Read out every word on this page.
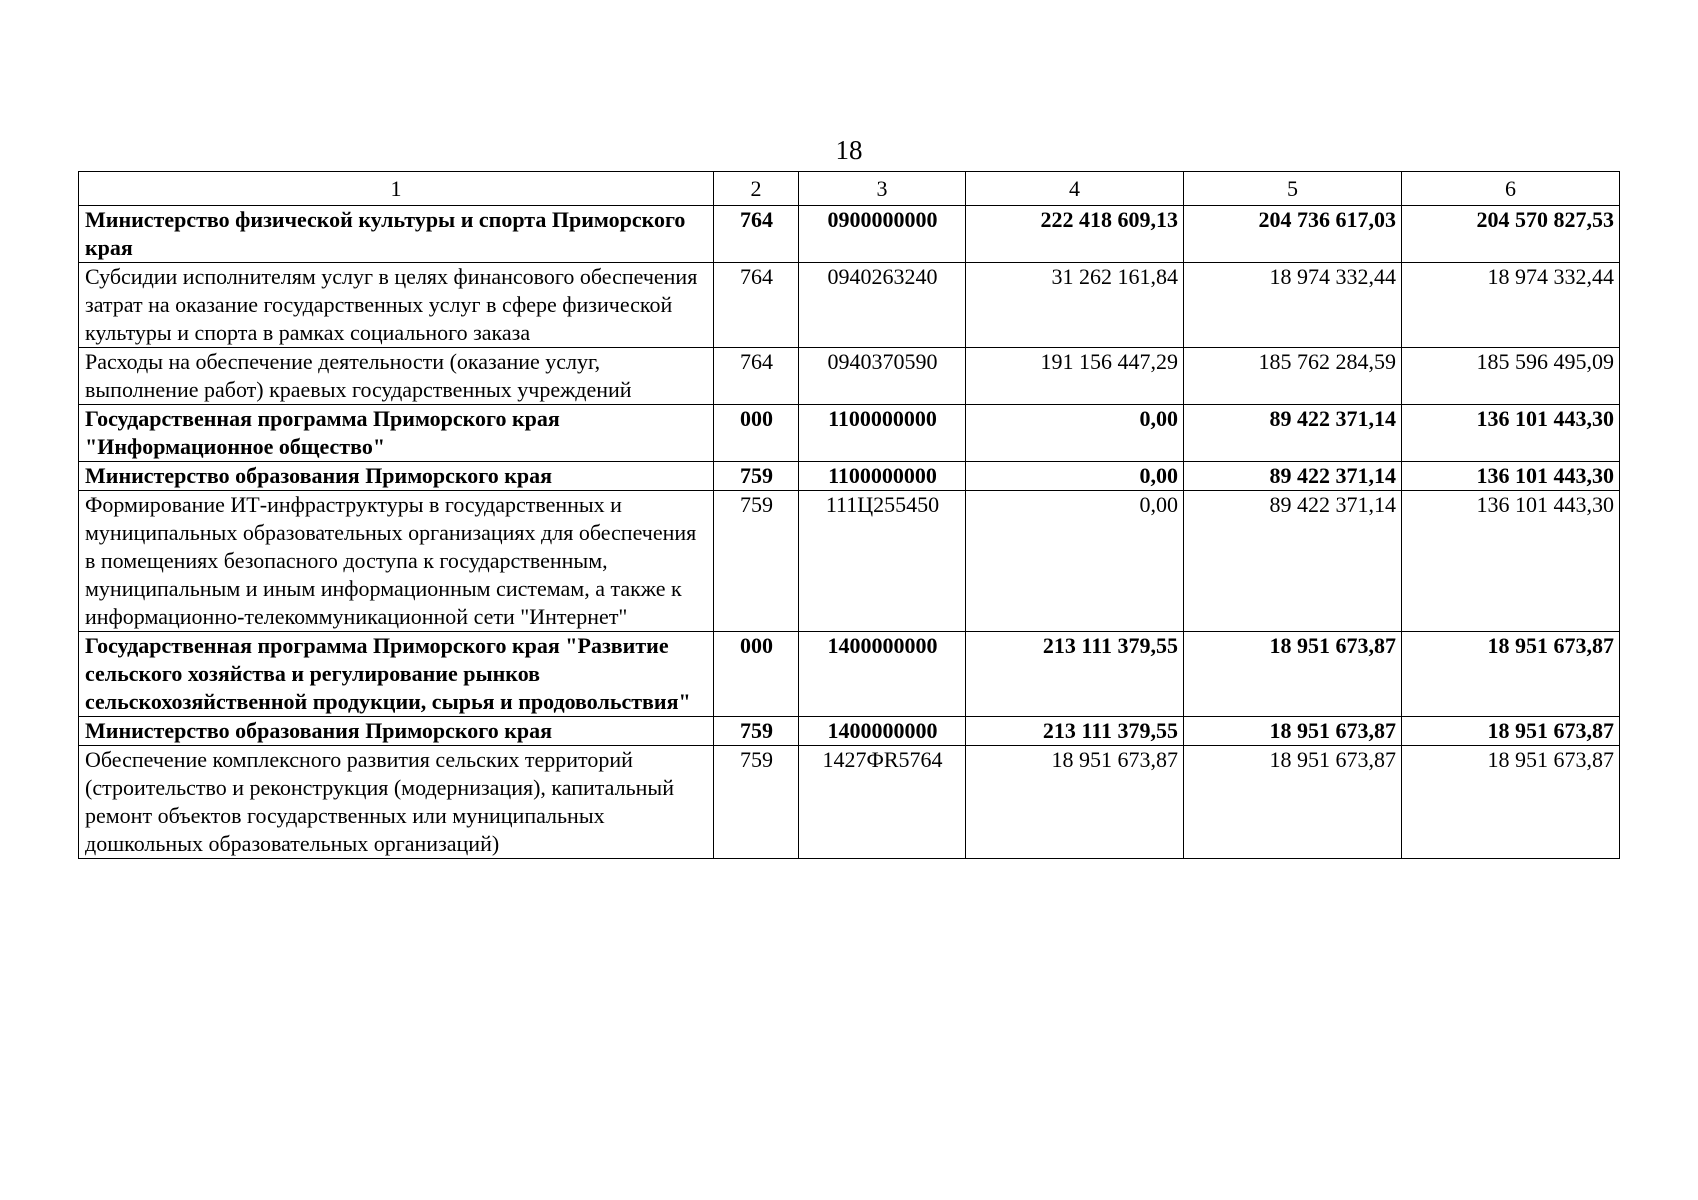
18
1	2	3	4	5	6
Министерство физической культуры и спорта Приморского края	764	0900000000	222 418 609,13	204 736 617,03	204 570 827,53
Субсидии исполнителям услуг в целях финансового обеспечения затрат на оказание государственных услуг в сфере физической культуры и спорта в рамках социального заказа	764	0940263240	31 262 161,84	18 974 332,44	18 974 332,44
Расходы на обеспечение деятельности (оказание услуг, выполнение работ) краевых государственных учреждений	764	0940370590	191 156 447,29	185 762 284,59	185 596 495,09
Государственная программа Приморского края "Информационное общество"	000	1100000000	0,00	89 422 371,14	136 101 443,30
Министерство образования Приморского края	759	1100000000	0,00	89 422 371,14	136 101 443,30
Формирование ИТ-инфраструктуры в государственных и муниципальных образовательных организациях для обеспечения в помещениях безопасного доступа к государственным, муниципальным и иным информационным системам, а также к информационно-телекоммуникационной сети "Интернет"	759	111Ц255450	0,00	89 422 371,14	136 101 443,30
Государственная программа Приморского края "Развитие сельского хозяйства и регулирование рынков сельскохозяйственной продукции, сырья и продовольствия"	000	1400000000	213 111 379,55	18 951 673,87	18 951 673,87
Министерство образования Приморского края	759	1400000000	213 111 379,55	18 951 673,87	18 951 673,87
Обеспечение комплексного развития сельских территорий (строительство и реконструкция (модернизация), капитальный ремонт объектов государственных или муниципальных дошкольных образовательных организаций)	759	1427ФR5764	18 951 673,87	18 951 673,87	18 951 673,87
